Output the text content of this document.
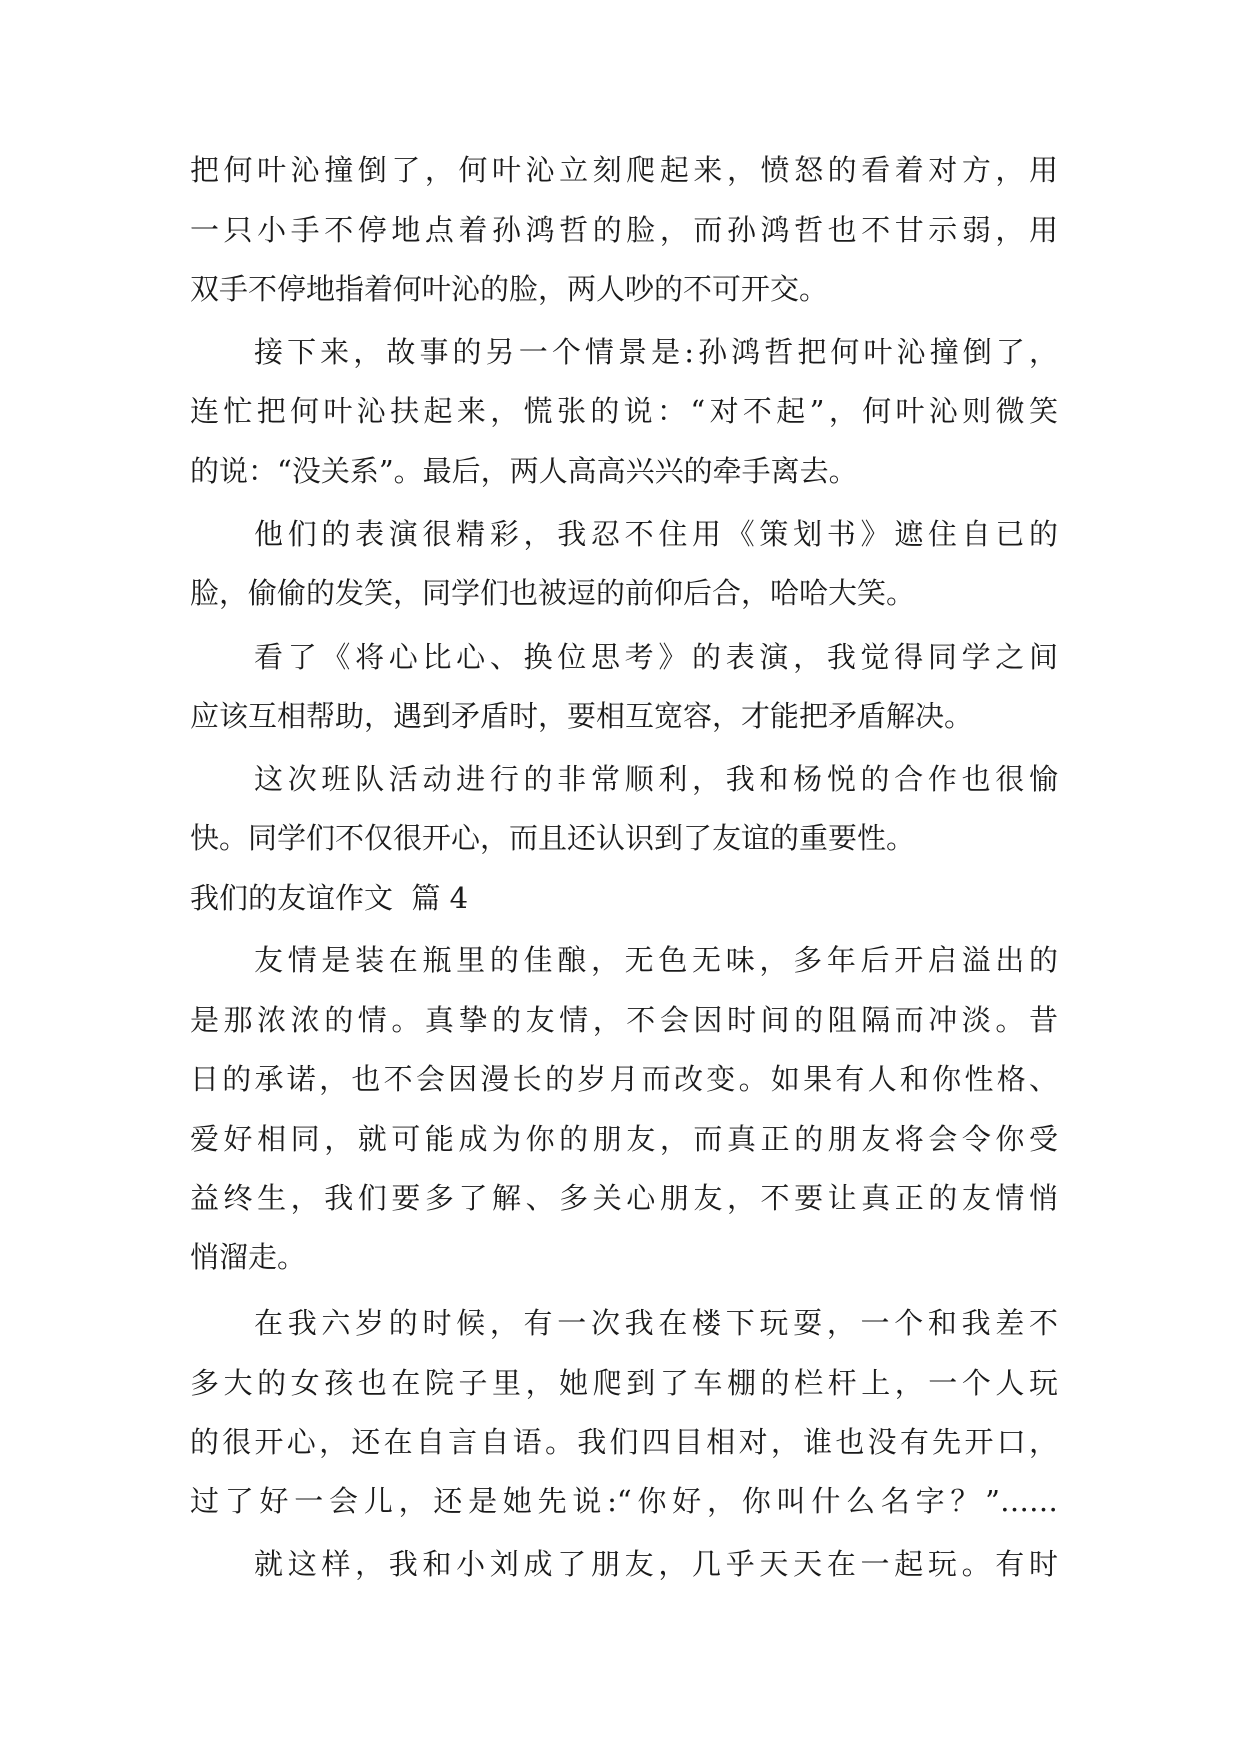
把何叶沁撞倒了，何叶沁立刻爬起来，愤怒的看着对方，用
一只小手不停地点着孙鸿哲的脸，而孙鸿哲也不甘示弱，用
双手不停地指着何叶沁的脸，两人吵的不可开交。
接下来，故事的另一个情景是:孙鸿哲把何叶沁撞倒了，
连忙把何叶沁扶起来，慌张的说：“对不起”，何叶沁则微笑
的说：“没关系”。最后，两人高高兴兴的牵手离去。
他们的表演很精彩，我忍不住用《策划书》遮住自已的
脸，偷偷的发笑，同学们也被逗的前仰后合，哈哈大笑。
看了《将心比心、换位思考》的表演，我觉得同学之间
应该互相帮助，遇到矛盾时，要相互宽容，才能把矛盾解决。
这次班队活动进行的非常顺利，我和杨悦的合作也很愉
快。同学们不仅很开心，而且还认识到了友谊的重要性。
我们的友谊作文  篇 4
友情是装在瓶里的佳酿，无色无味，多年后开启溢出的
是那浓浓的情。真挚的友情，不会因时间的阻隔而冲淡。昔
日的承诺，也不会因漫长的岁月而改变。如果有人和你性格、
爱好相同，就可能成为你的朋友，而真正的朋友将会令你受
益终生，我们要多了解、多关心朋友，不要让真正的友情悄
悄溜走。
在我六岁的时候，有一次我在楼下玩耍，一个和我差不
多大的女孩也在院子里，她爬到了车棚的栏杆上，一个人玩
的很开心，还在自言自语。我们四目相对，谁也没有先开口，
过了好一会儿，还是她先说:“你好，你叫什么名字？”……
就这样，我和小刘成了朋友，几乎天天在一起玩。有时
